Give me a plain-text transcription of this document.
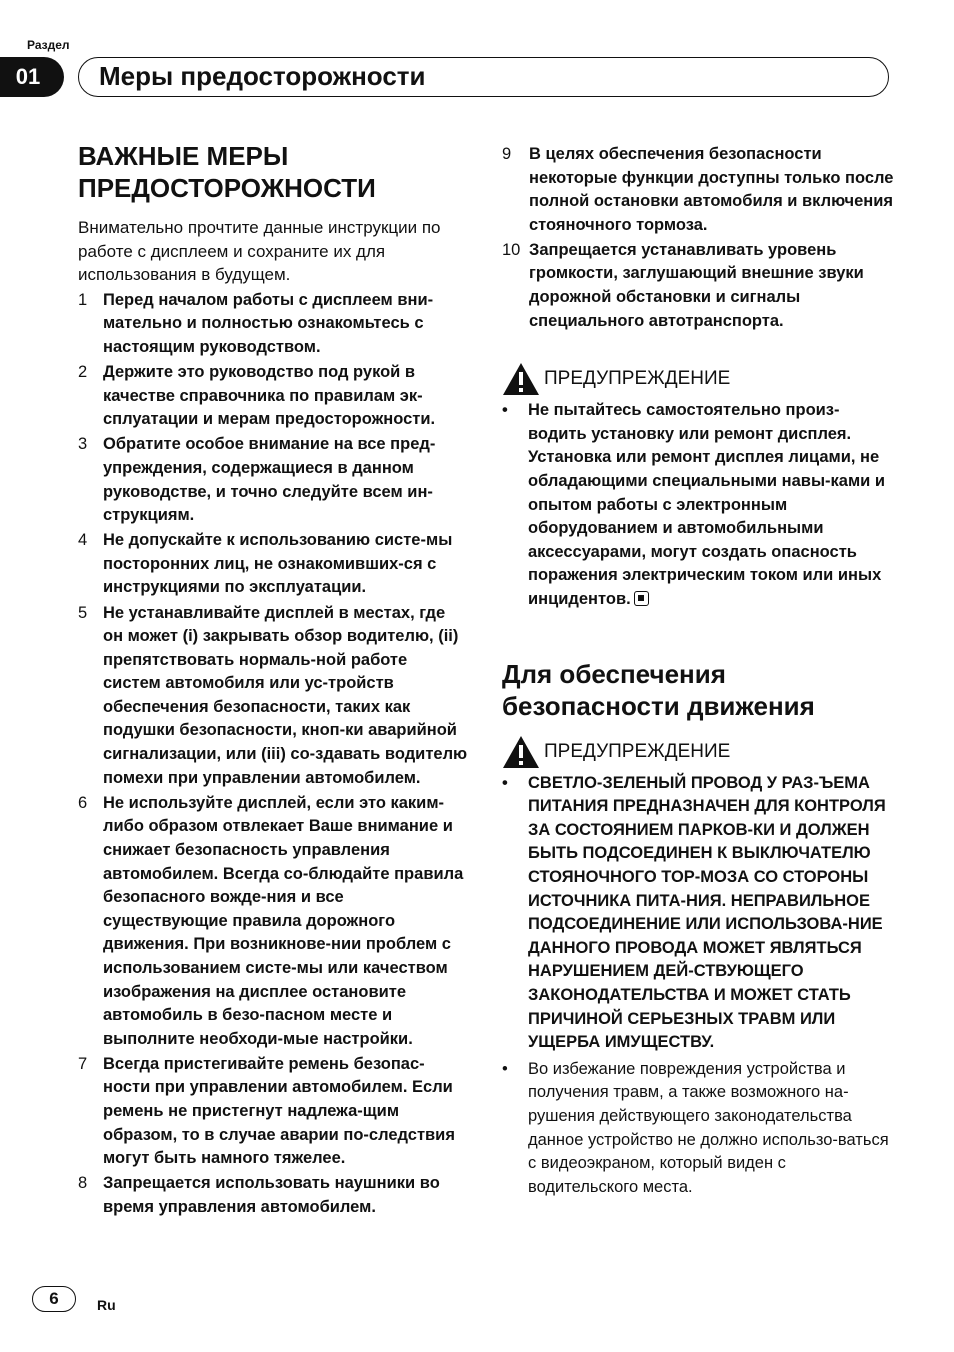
Раздел
01	Меры предосторожности
ВАЖНЫЕ МЕРЫ
ПРЕДОСТОРОЖНОСТИ

Внимательно прочтите данные инструкции по работе с дисплеем и сохраните их для использования в будущем.

1 Перед началом работы с дисплеем вни-мательно и полностью ознакомьтесь с настоящим руководством.
2 Держите это руководство под рукой в качестве справочника по правилам эк-сплуатации и мерам предосторожности.
3 Обратите особое внимание на все пред-упреждения, содержащиеся в данном руководстве, и точно следуйте всем ин-струкциям.
4 Не допускайте к использованию систе-мы посторонних лиц, не ознакомивших-ся с инструкциями по эксплуатации.
5 Не устанавливайте дисплей в местах, где он может (i) закрывать обзор водителю, (ii) препятствовать нормаль-ной работе систем автомобиля или ус-тройств обеспечения безопасности, таких как подушки безопасности, кноп-ки аварийной сигнализации, или (iii) со-здавать водителю помехи при управлении автомобилем.
6 Не используйте дисплей, если это каким-либо образом отвлекает Ваше внимание и снижает безопасность управления автомобилем. Всегда со-блюдайте правила безопасного вожде-ния и все существующие правила дорожного движения. При возникнове-нии проблем с использованием систе-мы или качеством изображения на дисплее остановите автомобиль в безо-пасном месте и выполните необходи-мые настройки.
7 Всегда пристегивайте ремень безопас-ности при управлении автомобилем. Если ремень не пристегнут надлежа-щим образом, то в случае аварии по-следствия могут быть намного тяжелее.
8 Запрещается использовать наушники во время управления автомобилем.
9 В целях обеспечения безопасности некоторые функции доступны только после полной остановки автомобиля и включения стояночного тормоза.
10 Запрещается устанавливать уровень громкости, заглушающий внешние звуки дорожной обстановки и сигналы специального автотранспорта.
ПРЕДУПРЕЖДЕНИЕ
• Не пытайтесь самостоятельно произ-водить установку или ремонт дисплея. Установка или ремонт дисплея лицами, не обладающими специальными навы-ками и опытом работы с электронным оборудованием и автомобильными аксессуарами, могут создать опасность поражения электрическим током или иных инцидентов.
Для обеспечения
безопасности движения
ПРЕДУПРЕЖДЕНИЕ
• СВЕТЛО-ЗЕЛЕНЫЙ ПРОВОД У РАЗ-ЪЕМА ПИТАНИЯ ПРЕДНАЗНАЧЕН ДЛЯ КОНТРОЛЯ ЗА СОСТОЯНИЕМ ПАРКОВ-КИ И ДОЛЖЕН БЫТЬ ПОДСОЕДИНЕН К ВЫКЛЮЧАТЕЛЮ СТОЯНОЧНОГО ТОР-МОЗА СО СТОРОНЫ ИСТОЧНИКА ПИТА-НИЯ. НЕПРАВИЛЬНОЕ ПОДСОЕДИНЕНИЕ ИЛИ ИСПОЛЬЗОВА-НИЕ ДАННОГО ПРОВОДА МОЖЕТ ЯВЛЯТЬСЯ НАРУШЕНИЕМ ДЕЙ-СТВУЮЩЕГО ЗАКОНОДАТЕЛЬСТВА И МОЖЕТ СТАТЬ ПРИЧИНОЙ СЕРЬЕЗНЫХ ТРАВМ ИЛИ УЩЕРБА ИМУЩЕСТВУ.
• Во избежание повреждения устройства и получения травм, а также возможного на-рушения действующего законодательства данное устройство не должно использо-ваться с видеоэкраном, который виден с водительского места.
6	Ru
